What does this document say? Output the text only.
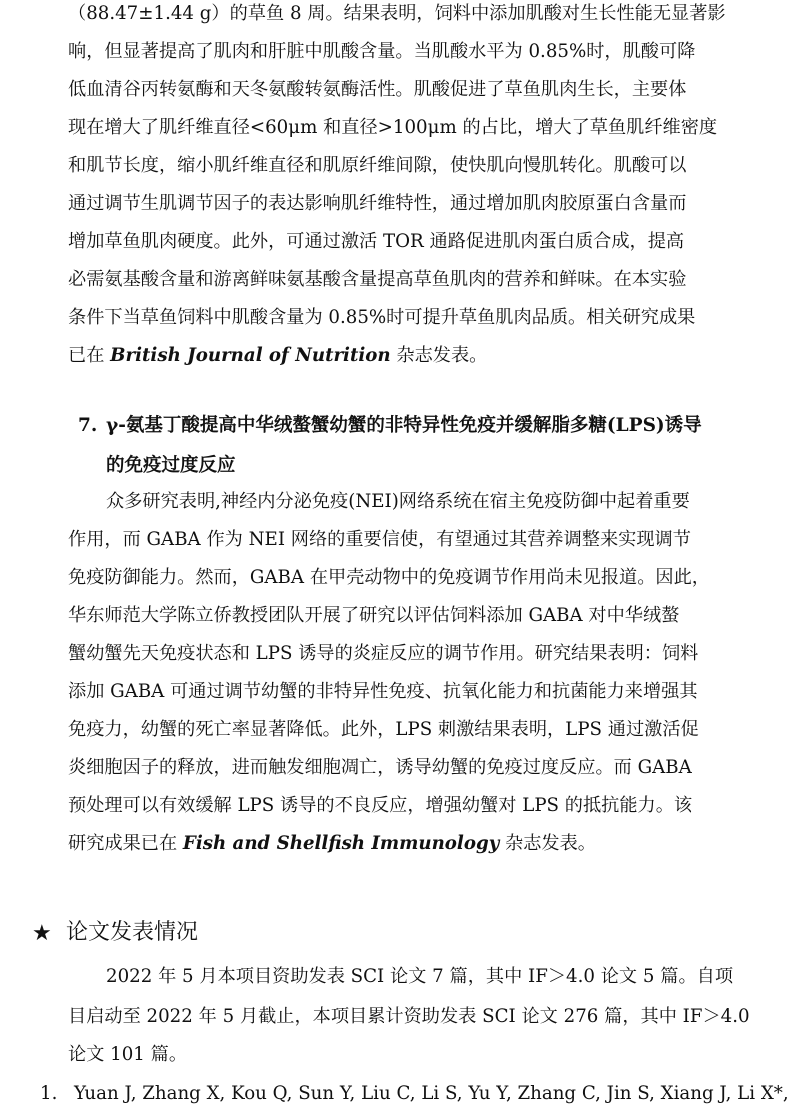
（88.47±1.44 g）的草鱼 8 周。结果表明，饲料中添加肌酸对生长性能无显著影
响，但显著提高了肌肉和肝脏中肌酸含量。当肌酸水平为 0.85%时，肌酸可降
低血清谷丙转氨酶和天冬氨酸转氨酶活性。肌酸促进了草鱼肌肉生长，主要体
现在增大了肌纤维直径<60μm 和直径>100μm 的占比，增大了草鱼肌纤维密度
和肌节长度，缩小肌纤维直径和肌原纤维间隙，使快肌向慢肌转化。肌酸可以
通过调节生肌调节因子的表达影响肌纤维特性，通过增加肌肉胶原蛋白含量而
增加草鱼肌肉硬度。此外，可通过激活 TOR 通路促进肌肉蛋白质合成，提高
必需氨基酸含量和游离鲜味氨基酸含量提高草鱼肌肉的营养和鲜味。在本实验
条件下当草鱼饲料中肌酸含量为 0.85%时可提升草鱼肌肉品质。相关研究成果
已在 British Journal of Nutrition 杂志发表。
7. γ-氨基丁酸提高中华绒螯蟹幼蟹的非特异性免疫并缓解脂多糖(LPS)诱导
的免疫过度反应
众多研究表明,神经内分泌免疫(NEI)网络系统在宿主免疫防御中起着重要
作用，而 GABA 作为 NEI 网络的重要信使，有望通过其营养调整来实现调节
免疫防御能力。然而，GABA 在甲壳动物中的免疫调节作用尚未见报道。因此，
华东师范大学陈立侨教授团队开展了研究以评估饲料添加 GABA 对中华绒螯
蟹幼蟹先天免疫状态和 LPS 诱导的炎症反应的调节作用。研究结果表明：饲料
添加 GABA 可通过调节幼蟹的非特异性免疫、抗氧化能力和抗菌能力来增强其
免疫力，幼蟹的死亡率显著降低。此外，LPS 刺激结果表明，LPS 通过激活促
炎细胞因子的释放，进而触发细胞凋亡，诱导幼蟹的免疫过度反应。而 GABA
预处理可以有效缓解 LPS 诱导的不良反应，增强幼蟹对 LPS 的抵抗能力。该
研究成果已在 Fish and Shellfish Immunology 杂志发表。
★ 论文发表情况
2022 年 5 月本项目资助发表 SCI 论文 7 篇，其中 IF＞4.0 论文 5 篇。自项
目启动至 2022 年 5 月截止，本项目累计资助发表 SCI 论文 276 篇，其中 IF＞4.0
论文 101 篇。
1. Yuan J, Zhang X, Kou Q, Sun Y, Liu C, Li S, Yu Y, Zhang C, Jin S, Xiang J, Li X*,
